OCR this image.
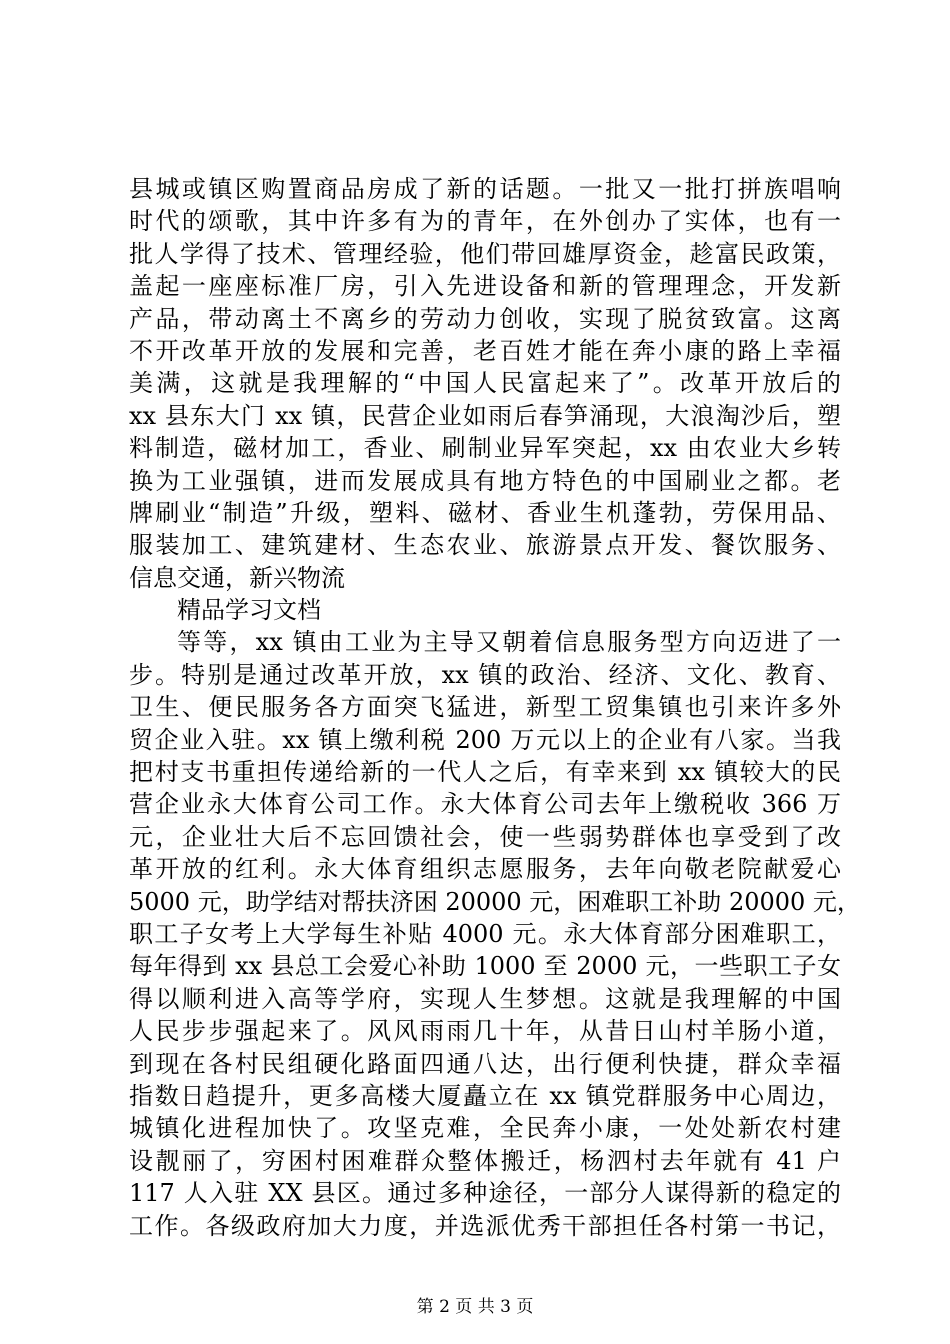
县城或镇区购置商品房成了新的话题。一批又一批打拼族唱响
时代的颂歌，其中许多有为的青年，在外创办了实体，也有一
批人学得了技术、管理经验，他们带回雄厚资金，趁富民政策，
盖起一座座标准厂房，引入先进设备和新的管理理念，开发新
产品，带动离土不离乡的劳动力创收，实现了脱贫致富。这离
不开改革开放的发展和完善，老百姓才能在奔小康的路上幸福
美满，这就是我理解的“中国人民富起来了”。改革开放后的
xx 县东大门 xx 镇，民营企业如雨后春笋涌现，大浪淘沙后，塑
料制造，磁材加工，香业、刷制业异军突起，xx 由农业大乡转
换为工业强镇，进而发展成具有地方特色的中国刷业之都。老
牌刷业“制造”升级，塑料、磁材、香业生机蓬勃，劳保用品、
服装加工、建筑建材、生态农业、旅游景点开发、餐饮服务、
信息交通，新兴物流
精品学习文档
等等，xx 镇由工业为主导又朝着信息服务型方向迈进了一
步。特别是通过改革开放，xx 镇的政治、经济、文化、教育、
卫生、便民服务各方面突飞猛进，新型工贸集镇也引来许多外
贸企业入驻。xx 镇上缴利税 200 万元以上的企业有八家。当我
把村支书重担传递给新的一代人之后，有幸来到 xx 镇较大的民
营企业永大体育公司工作。永大体育公司去年上缴税收 366 万
元，企业壮大后不忘回馈社会，使一些弱势群体也享受到了改
革开放的红利。永大体育组织志愿服务，去年向敬老院献爱心
5000 元，助学结对帮扶济困 20000 元，困难职工补助 20000 元，
职工子女考上大学每生补贴 4000 元。永大体育部分困难职工，
每年得到 xx 县总工会爱心补助 1000 至 2000 元，一些职工子女
得以顺利进入高等学府，实现人生梦想。这就是我理解的中国
人民步步强起来了。风风雨雨几十年，从昔日山村羊肠小道，
到现在各村民组硬化路面四通八达，出行便利快捷，群众幸福
指数日趋提升，更多高楼大厦矗立在 xx 镇党群服务中心周边，
城镇化进程加快了。攻坚克难，全民奔小康，一处处新农村建
设靓丽了，穷困村困难群众整体搬迁，杨泗村去年就有 41 户
117 人入驻 XX 县区。通过多种途径，一部分人谋得新的稳定的
工作。各级政府加大力度，并选派优秀干部担任各村第一书记，
第 2 页 共 3 页
